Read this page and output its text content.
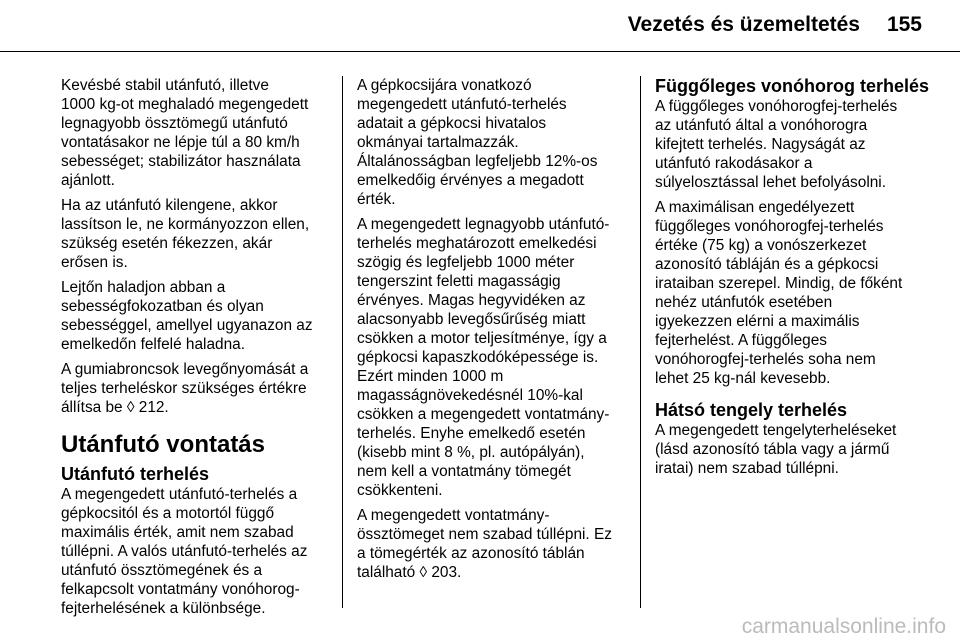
Vezetés és üzemeltetés 155

Kevésbé stabil utánfutó, illetve
1000 kg-ot meghaladó megengedett
legnagyobb össztömegű utánfutó
vontatásakor ne lépje túl a 80 km/h
sebességet; stabilizátor használata
ajánlott.

Ha az utánfutó kilengene, akkor
lassítson le, ne kormányozzon ellen,
szükség esetén fékezzen, akár
erősen is.

Lejtőn haladjon abban a
sebességfokozatban és olyan
sebességgel, amellyel ugyanazon az
emelkedőn felfelé haladna.

A gumiabroncsok levegőnyomását a
teljes terheléskor szükséges értékre
állítsa be ◊ 212.

Utánfutó vontatás
Utánfutó terhelés

A megengedett utánfutó-terhelés a
gépkocsitól és a motortól függő
maximális érték, amit nem szabad
túllépni. A valós utánfutó-terhelés az
utánfutó össztömegének és a
felkapcsolt vontatmány vonóhorog-
fejterhelésének a különbsége.

A gépkocsijára vonatkozó
megengedett utánfutó-terhelés
adatait a gépkocsi hivatalos
okmányai tartalmazzák.
Általánosságban legfeljebb 12%-os
emelkedőig érvényes a megadott
érték.

A megengedett legnagyobb utánfutó-
terhelés meghatározott emelkedési
szögig és legfeljebb 1000 méter
tengerszint feletti magasságig
érvényes. Magas hegyvidéken az
alacsonyabb levegősűrűség miatt
csökken a motor teljesítménye, így a
gépkocsi kapaszkodóképessége is.
Ezért minden 1000 m
magasságnövekedésnél 10%-kal
csökken a megengedett vontatmány-
terhelés. Enyhe emelkedő esetén
(kisebb mint 8 %, pl. autópályán),
nem kell a vontatmány tömegét
csökkenteni.

A megengedett vontatmány-
össztömeget nem szabad túllépni. Ez
a tömegérték az azonosító táblán
található ◊ 203.

Függőleges vonóhorog terhelés

A függőleges vonóhorogfej-terhelés
az utánfutó által a vonóhorogra
kifejtett terhelés. Nagyságát az
utánfutó rakodásakor a
súlyelosztással lehet befolyásolni.

A maximálisan engedélyezett
függőleges vonóhorogfej-terhelés
értéke (75 kg) a vonószerkezet
azonosító tábláján és a gépkocsi
irataiban szerepel. Mindig, de főként
nehéz utánfutók esetében
igyekezzen elérni a maximális
fejterhelést. A függőleges
vonóhorogfej-terhelés soha nem
lehet 25 kg-nál kevesebb.

Hátsó tengely terhelés

A megengedett tengelyterheléseket
(lásd azonosító tábla vagy a jármű
iratai) nem szabad túllépni.

carmanualsonline.info
